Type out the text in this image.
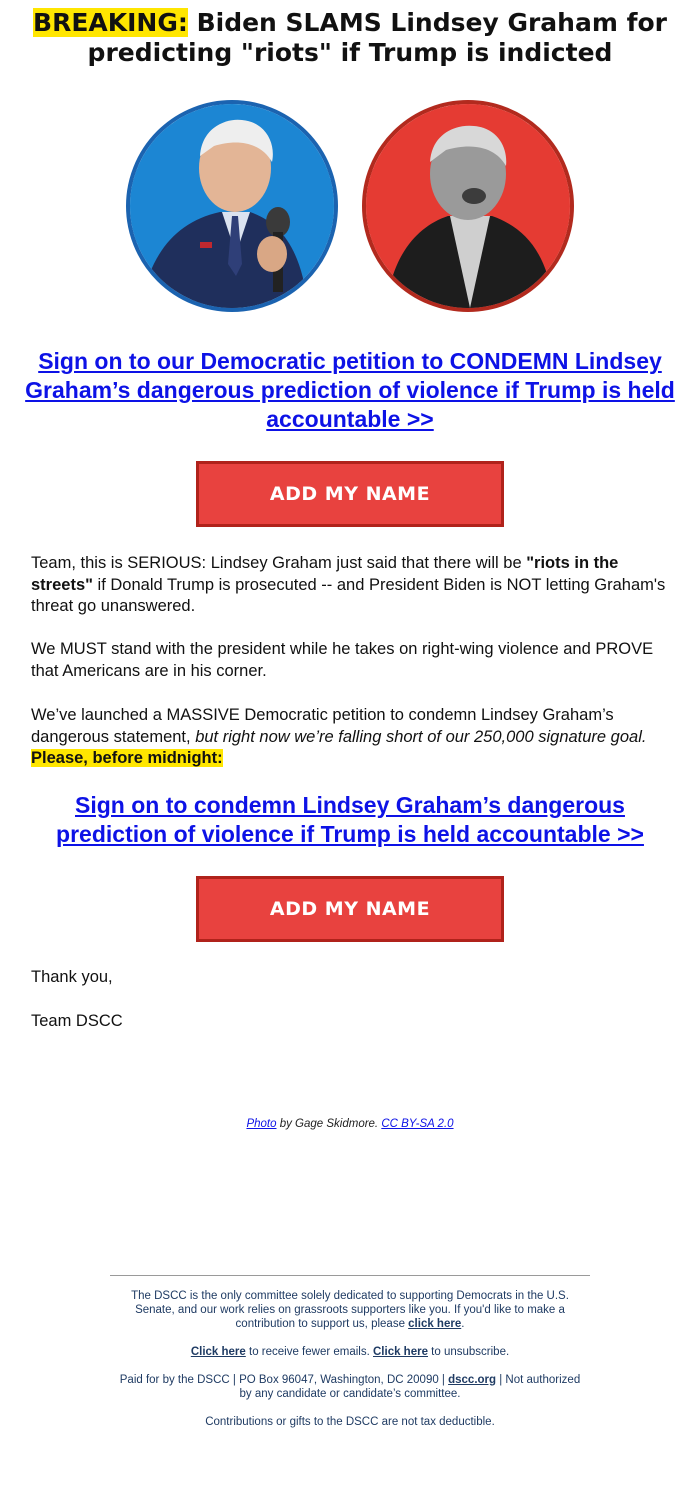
BREAKING: Biden SLAMS Lindsey Graham for predicting "riots" if Trump is indicted

Sign on to our Democratic petition to CONDEMN Lindsey Graham’s dangerous prediction of violence if Trump is held accountable >>

ADD MY NAME

Team, this is SERIOUS: Lindsey Graham just said that there will be "riots in the streets" if Donald Trump is prosecuted -- and President Biden is NOT letting Graham's threat go unanswered.

We MUST stand with the president while he takes on right-wing violence and PROVE that Americans are in his corner.

We’ve launched a MASSIVE Democratic petition to condemn Lindsey Graham’s dangerous statement, but right now we’re falling short of our 250,000 signature goal. Please, before midnight:

Sign on to condemn Lindsey Graham’s dangerous prediction of violence if Trump is held accountable >>

ADD MY NAME

Thank you,

Team DSCC

Photo by Gage Skidmore. CC BY-SA 2.0

The DSCC is the only committee solely dedicated to supporting Democrats in the U.S. Senate, and our work relies on grassroots supporters like you. If you'd like to make a contribution to support us, please click here.

Click here to receive fewer emails. Click here to unsubscribe.

Paid for by the DSCC | PO Box 96047, Washington, DC 20090 | dscc.org | Not authorized by any candidate or candidate’s committee.

Contributions or gifts to the DSCC are not tax deductible.
